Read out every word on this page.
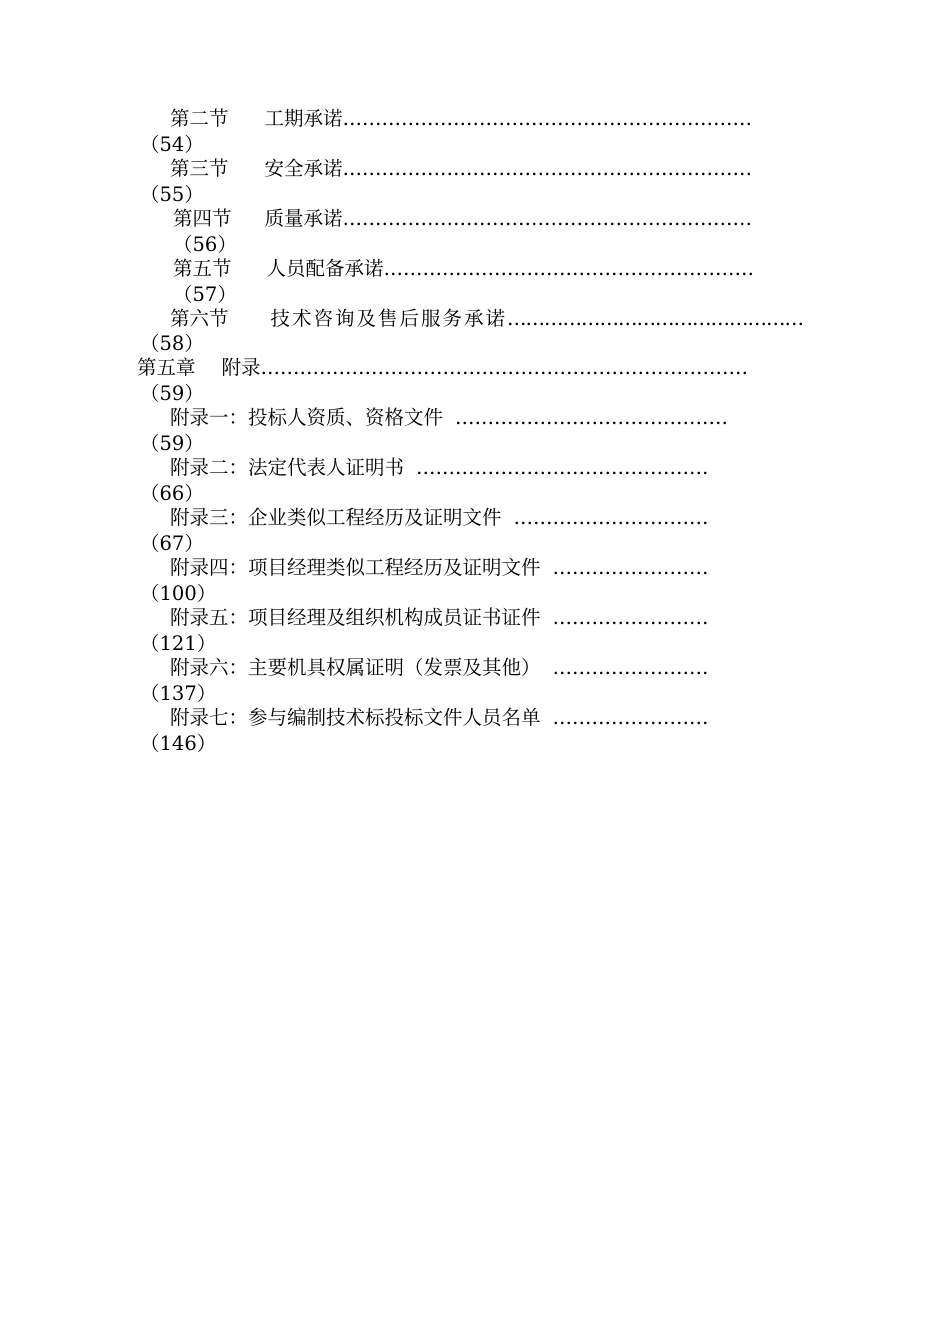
第二节 工期承诺………………………………………………………
（54）
第三节 安全承诺………………………………………………………
（55）
第四节 质量承诺………………………………………………………
（56）
第五节 人员配备承诺…………………………………………………
（57）
第六节 技术咨询及售后服务承诺…………………………………………
（58）
第五章 附录…………………………………………………………………
（59）
附录一：投标人资质、资格文件 ……………………………………
（59）
附录二：法定代表人证明书 ………………………………………
（66）
附录三：企业类似工程经历及证明文件 …………………………
（67）
附录四：项目经理类似工程经历及证明文件 ……………………
（100）
附录五：项目经理及组织机构成员证书证件 ……………………
（121）
附录六：主要机具权属证明（发票及其他） ……………………
（137）
附录七：参与编制技术标投标文件人员名单 ……………………
（146）
